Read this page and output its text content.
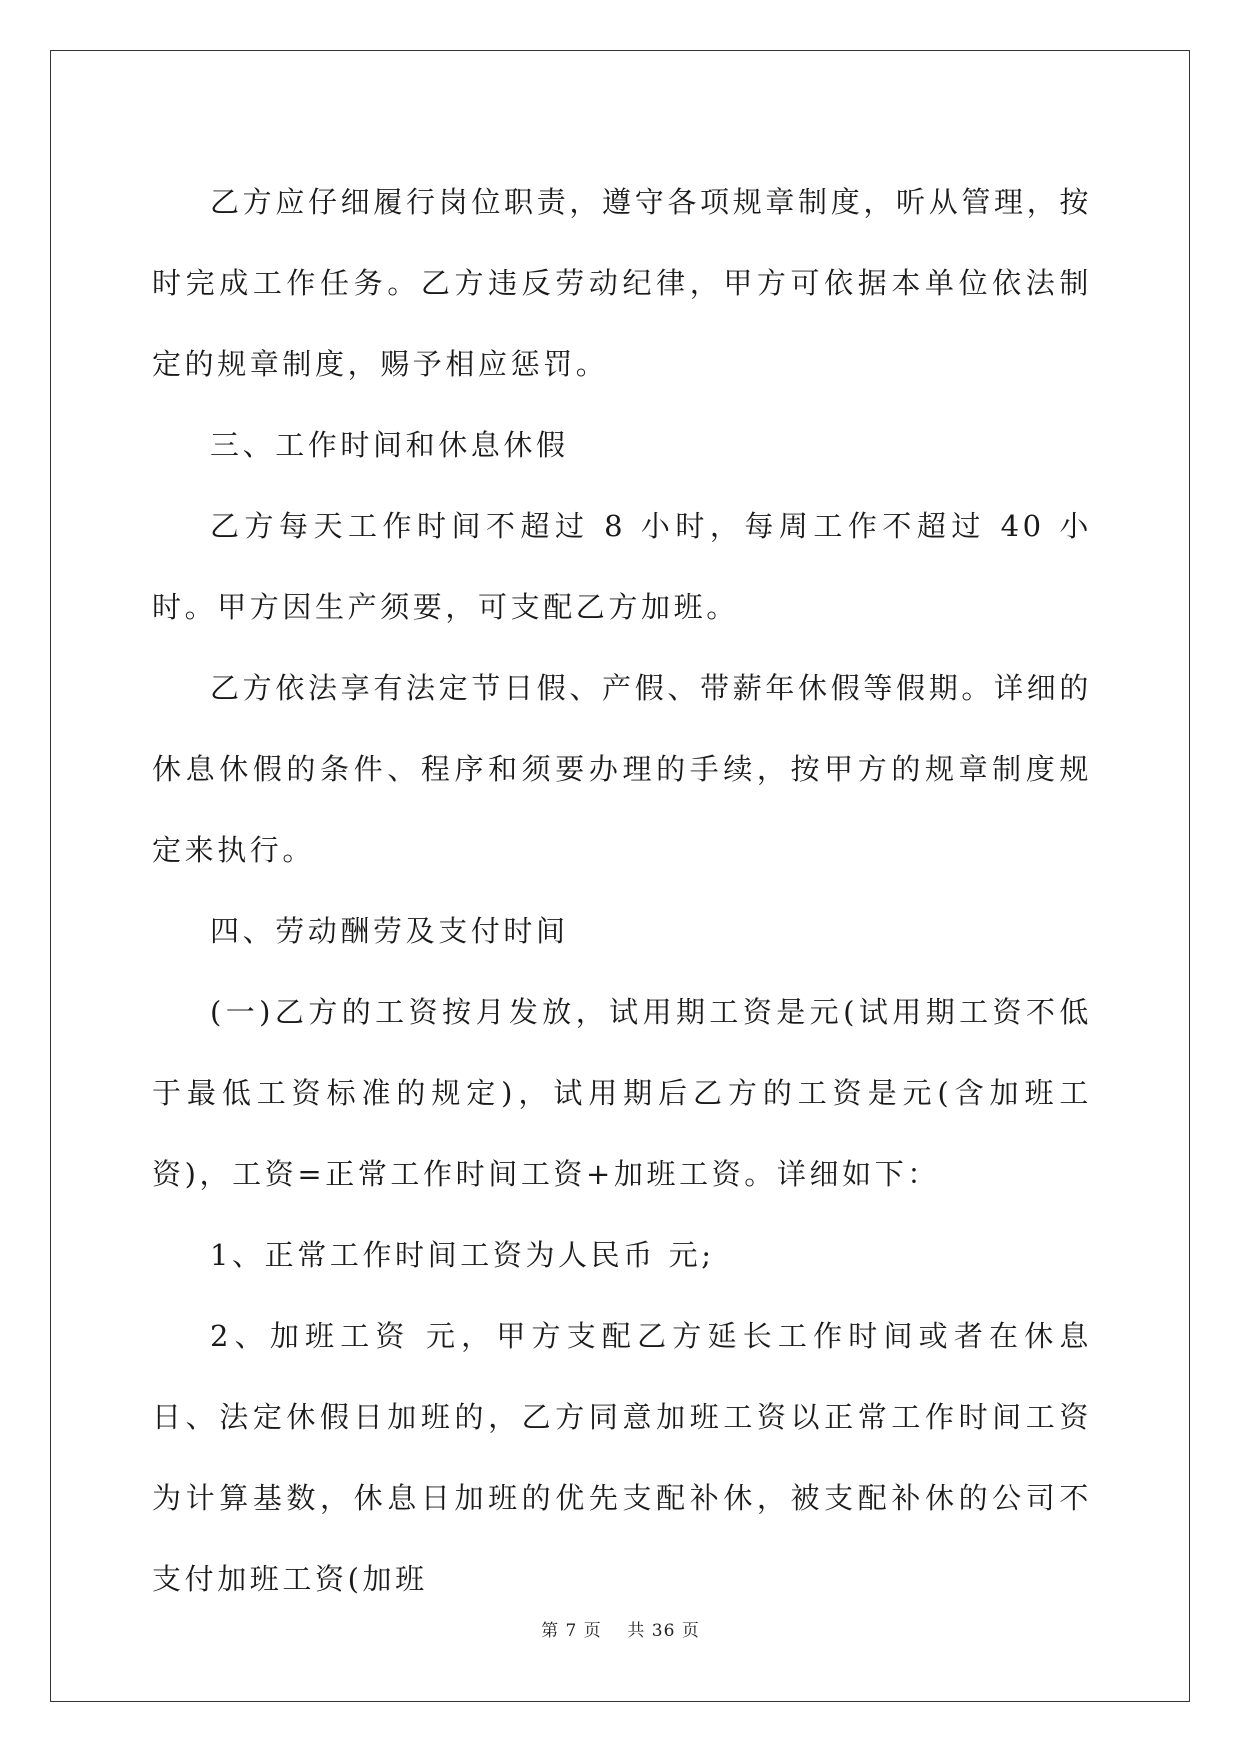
乙方应仔细履行岗位职责，遵守各项规章制度，听从管理，按时完成工作任务。乙方违反劳动纪律，甲方可依据本单位依法制定的规章制度，赐予相应惩罚。

三、工作时间和休息休假

乙方每天工作时间不超过 8 小时，每周工作不超过 40 小时。甲方因生产须要，可支配乙方加班。

乙方依法享有法定节日假、产假、带薪年休假等假期。详细的休息休假的条件、程序和须要办理的手续，按甲方的规章制度规定来执行。

四、劳动酬劳及支付时间

(一)乙方的工资按月发放，试用期工资是元(试用期工资不低于最低工资标准的规定)，试用期后乙方的工资是元(含加班工资)，工资=正常工作时间工资+加班工资。详细如下：

1、正常工作时间工资为人民币 元;

2、加班工资 元，甲方支配乙方延长工作时间或者在休息日、法定休假日加班的，乙方同意加班工资以正常工作时间工资为计算基数，休息日加班的优先支配补休，被支配补休的公司不支付加班工资(加班

第 7 页 共 36 页
